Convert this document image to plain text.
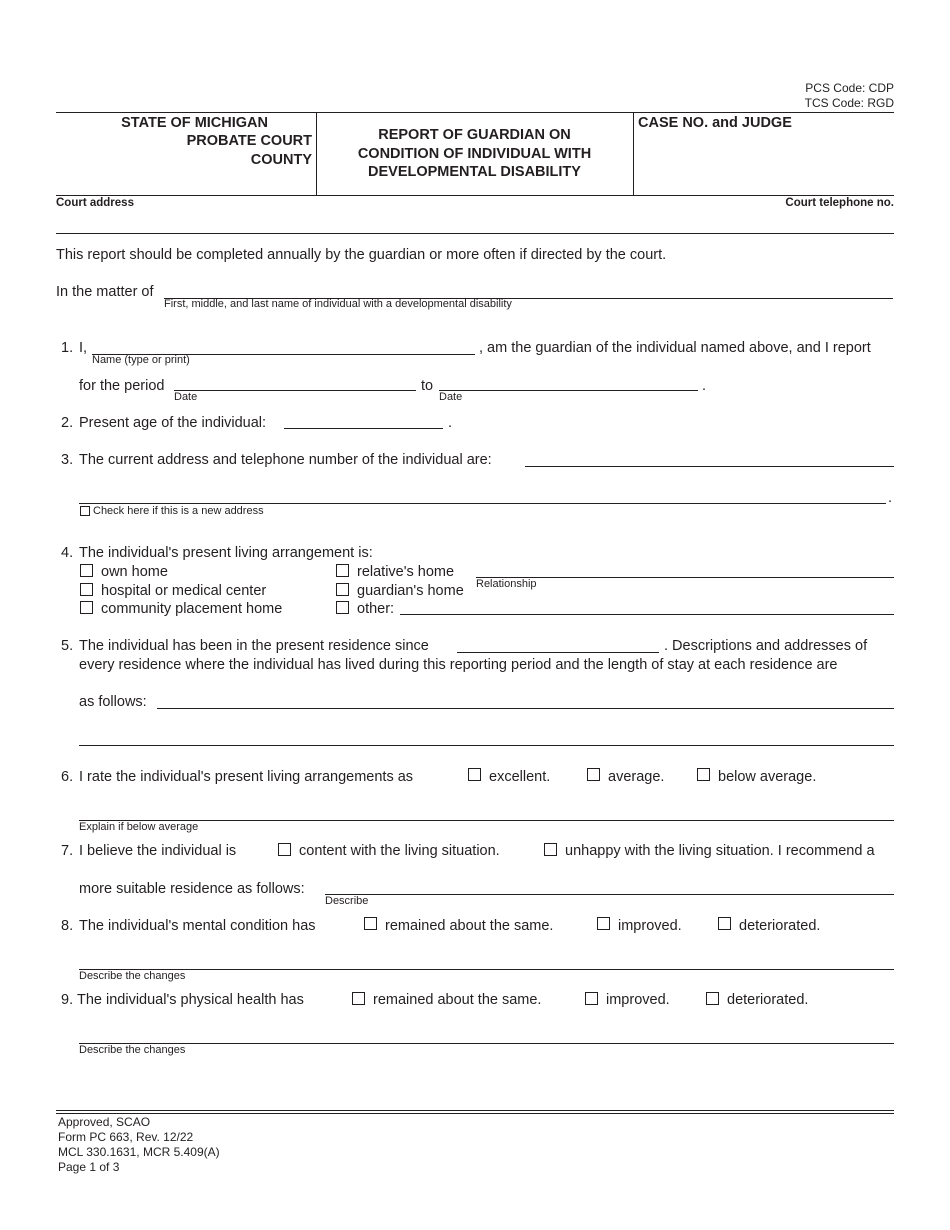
PCS Code: CDP
TCS Code: RGD
STATE OF MICHIGAN
PROBATE COURT
COUNTY
REPORT OF GUARDIAN ON
CONDITION OF INDIVIDUAL WITH
DEVELOPMENTAL DISABILITY
CASE NO. and JUDGE
Court address	Court telephone no.
This report should be completed annually by the guardian or more often if directed by the court.
In the matter of
First, middle, and last name of individual with a developmental disability
1. I,
Name (type or print)
, am the guardian of the individual named above, and I report
for the period
Date
to
Date
.
2. Present age of the individual:	.
3. The current address and telephone number of the individual are:
.
Check here if this is a new address
4. The individual's present living arrangement is:
own home
hospital or medical center
community placement home
relative's home
guardian's home
other:
Relationship
5. The individual has been in the present residence since	. Descriptions and addresses of
every residence where the individual has lived during this reporting period and the length of stay at each residence are
as follows:
6. I rate the individual's present living arrangements as	excellent.	average.	below average.
Explain if below average
7. I believe the individual is	content with the living situation.	unhappy with the living situation. I recommend a
more suitable residence as follows:
Describe
8. The individual's mental condition has	remained about the same.	improved.	deteriorated.
Describe the changes
9. The individual's physical health has	remained about the same.	improved.	deteriorated.
Describe the changes
Approved, SCAO
Form PC 663, Rev. 12/22
MCL 330.1631, MCR 5.409(A)
Page 1 of 3
